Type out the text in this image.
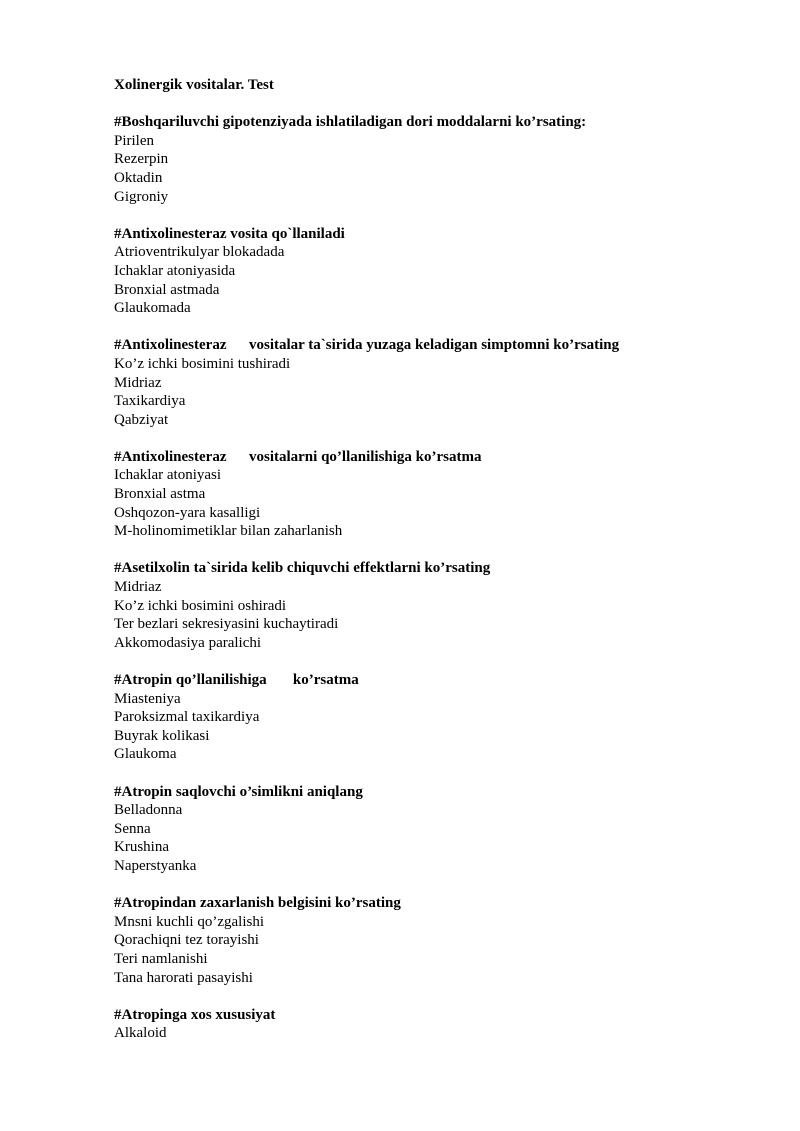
Xolinergik vositalar. Test
#Boshqariluvchi gipotenziyada ishlatiladigan dori moddalarni ko’rsating:
Pirilen
Rezerpin
Oktadin
Gigroniy
#Antixolinesteraz vosita qo`llaniladi
Atrioventrikulyar blokadada
Ichaklar atoniyasida
Bronxial astmada
Glaukomada
#Antixolinesteraz      vositalar ta`sirida yuzaga keladigan simptomni ko’rsating
Ko’z ichki bosimini tushiradi
Midriaz
Taxikardiya
Qabziyat
#Antixolinesteraz      vositalarni qo’llanilishiga ko’rsatma
Ichaklar atoniyasi
Bronxial astma
Oshqozon-yara kasalligi
M-holinomimetiklar bilan zaharlanish
#Asetilxolin ta`sirida kelib chiquvchi effektlarni ko’rsating
Midriaz
Ko’z ichki bosimini oshiradi
Ter bezlari sekresiyasini kuchaytiradi
Akkomodasiya paralichi
#Atropin qo’llanilishiga       ko’rsatma
Miasteniya
Paroksizmal taxikardiya
Buyrak kolikasi
Glaukoma
#Atropin saqlovchi o’simlikni aniqlang
Belladonna
Senna
Krushina
Naperstyanka
#Atropindan zaxarlanish belgisini ko’rsating
Mnsni kuchli qo’zgalishi
Qorachiqni tez torayishi
Teri namlanishi
Tana harorati pasayishi
#Atropinga xos xususiyat
Alkaloid
